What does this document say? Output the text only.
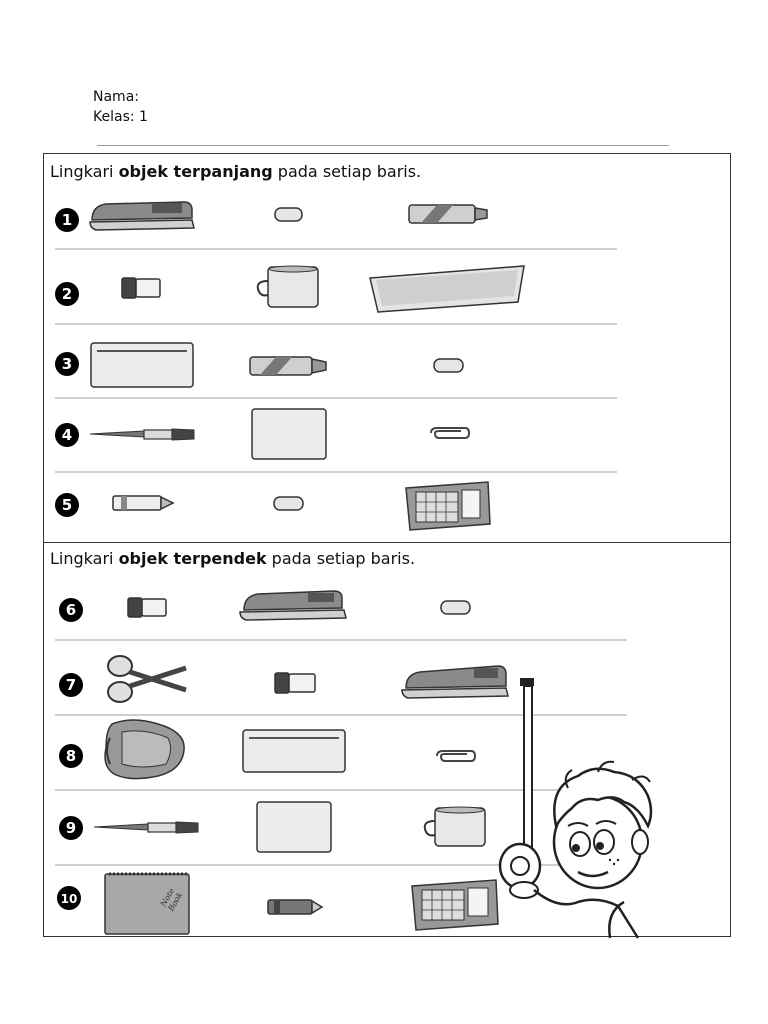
Nama:
Kelas: 1
Lingkari objek terpanjang pada setiap baris.
Lingkari objek terpendek pada setiap baris.
1
2
3
4
5
6
7
8
9
10	Note Book
